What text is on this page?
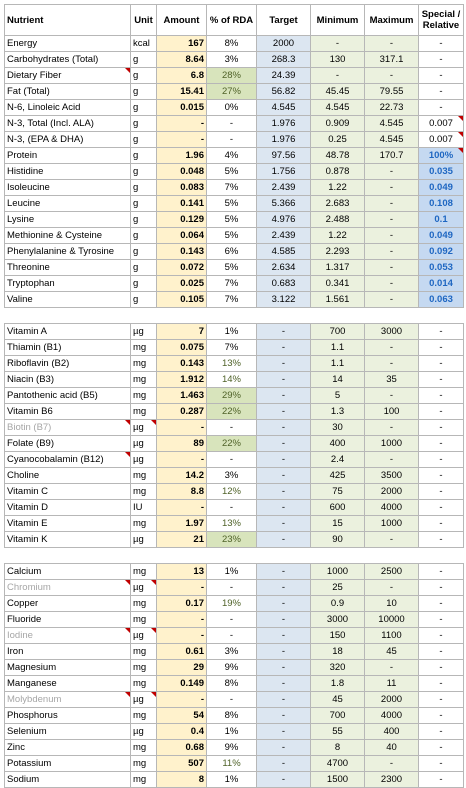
Nutrient	Unit	Amount	% of RDA	Target	Minimum	Maximum	Special / Relative
Energy	kcal	167	8%	2000	-	-	-
Carbohydrates (Total)	g	8.64	3%	268.3	130	317.1	-
Dietary Fiber	g	6.8	28%	24.39	-	-	-
Fat (Total)	g	15.41	27%	56.82	45.45	79.55	-
N-6, Linoleic Acid	g	0.015	0%	4.545	4.545	22.73	-
N-3, Total (Incl. ALA)	g	-	-	1.976	0.909	4.545	0.007
N-3, (EPA & DHA)	g	-	-	1.976	0.25	4.545	0.007
Protein	g	1.96	4%	97.56	48.78	170.7	100%
Histidine	g	0.048	5%	1.756	0.878	-	0.035
Isoleucine	g	0.083	7%	2.439	1.22	-	0.049
Leucine	g	0.141	5%	5.366	2.683	-	0.108
Lysine	g	0.129	5%	4.976	2.488	-	0.1
Methionine & Cysteine	g	0.064	5%	2.439	1.22	-	0.049
Phenylalanine & Tyrosine	g	0.143	6%	4.585	2.293	-	0.092
Threonine	g	0.072	5%	2.634	1.317	-	0.053
Tryptophan	g	0.025	7%	0.683	0.341	-	0.014
Valine	g	0.105	7%	3.122	1.561	-	0.063

Vitamin A	µg	7	1%	-	700	3000	-
Thiamin (B1)	mg	0.075	7%	-	1.1	-	-
Riboflavin (B2)	mg	0.143	13%	-	1.1	-	-
Niacin (B3)	mg	1.912	14%	-	14	35	-
Pantothenic acid (B5)	mg	1.463	29%	-	5	-	-
Vitamin B6	mg	0.287	22%	-	1.3	100	-
Biotin (B7)	µg	-	-	-	30	-	-
Folate (B9)	µg	89	22%	-	400	1000	-
Cyanocobalamin (B12)	µg	-	-	-	2.4	-	-
Choline	mg	14.2	3%	-	425	3500	-
Vitamin C	mg	8.8	12%	-	75	2000	-
Vitamin D	IU	-	-	-	600	4000	-
Vitamin E	mg	1.97	13%	-	15	1000	-
Vitamin K	µg	21	23%	-	90	-	-

Calcium	mg	13	1%	-	1000	2500	-
Chromium	µg	-	-	-	25	-	-
Copper	mg	0.17	19%	-	0.9	10	-
Fluoride	mg	-	-	-	3000	10000	-
Iodine	µg	-	-	-	150	1100	-
Iron	mg	0.61	3%	-	18	45	-
Magnesium	mg	29	9%	-	320	-	-
Manganese	mg	0.149	8%	-	1.8	11	-
Molybdenum	µg	-	-	-	45	2000	-
Phosphorus	mg	54	8%	-	700	4000	-
Selenium	µg	0.4	1%	-	55	400	-
Zinc	mg	0.68	9%	-	8	40	-
Potassium	mg	507	11%	-	4700	-	-
Sodium	mg	8	1%	-	1500	2300	-
